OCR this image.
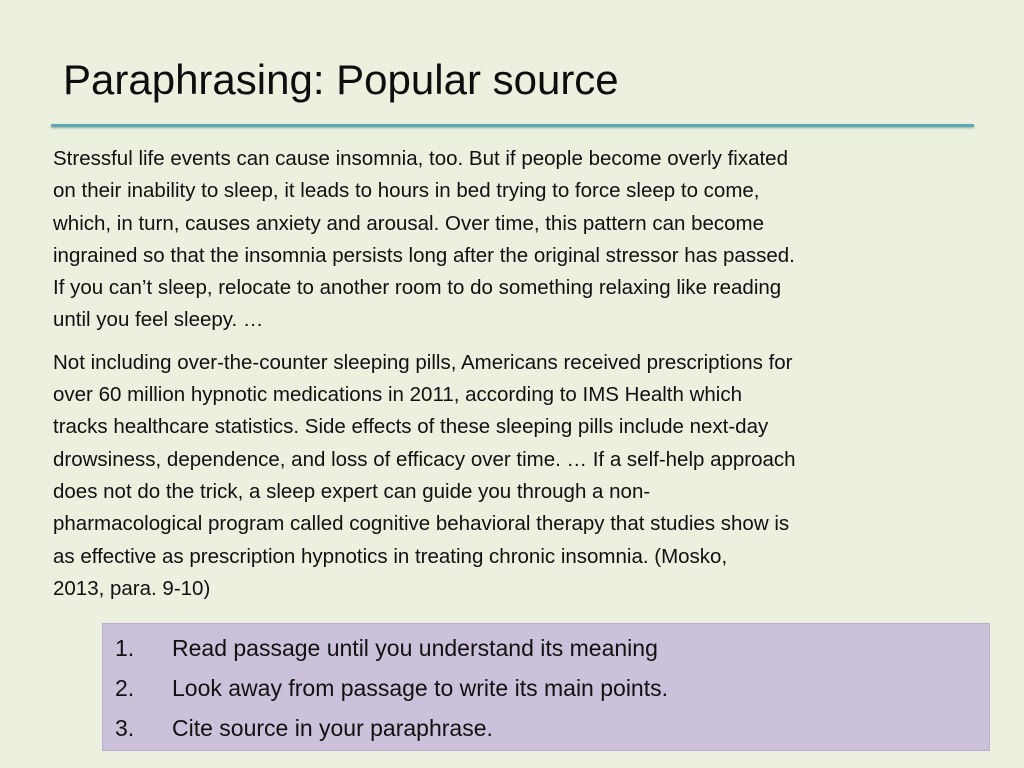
Paraphrasing: Popular source

Stressful life events can cause insomnia, too. But if people become overly fixated
on their inability to sleep, it leads to hours in bed trying to force sleep to come,
which, in turn, causes anxiety and arousal. Over time, this pattern can become
ingrained so that the insomnia persists long after the original stressor has passed.
If you can’t sleep, relocate to another room to do something relaxing like reading
until you feel sleepy. …

Not including over-the-counter sleeping pills, Americans received prescriptions for
over 60 million hypnotic medications in 2011, according to IMS Health which
tracks healthcare statistics. Side effects of these sleeping pills include next-day
drowsiness, dependence, and loss of efficacy over time. … If a self-help approach
does not do the trick, a sleep expert can guide you through a non-
pharmacological program called cognitive behavioral therapy that studies show is
as effective as prescription hypnotics in treating chronic insomnia. (Mosko,
2013, para. 9-10)

1. Read passage until you understand its meaning
2. Look away from passage to write its main points.
3. Cite source in your paraphrase.
